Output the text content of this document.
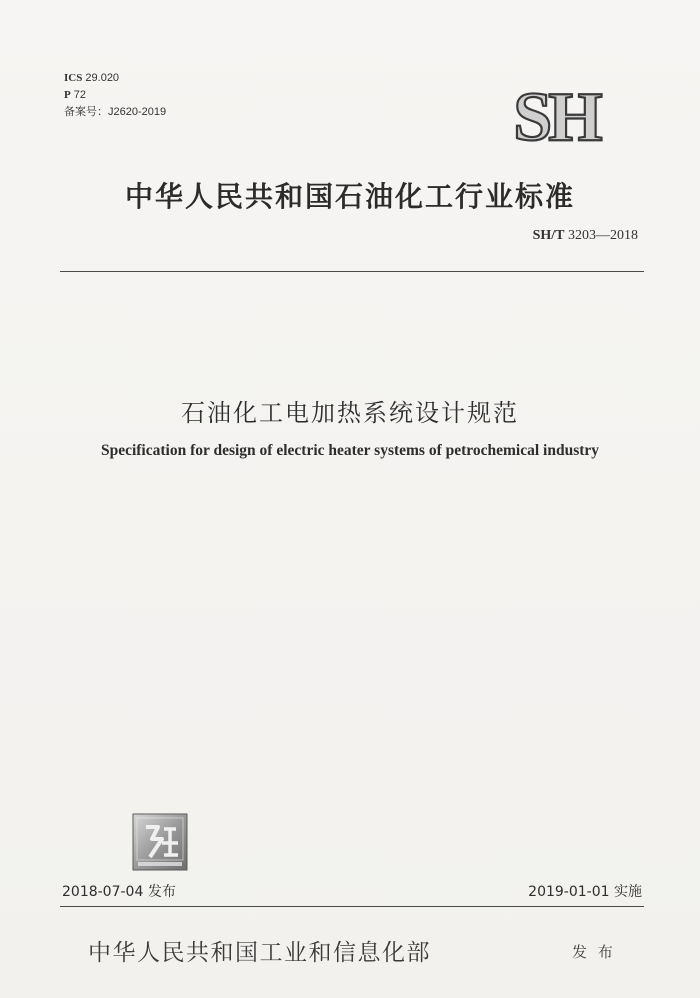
ICS 29.020
P 72
备案号：J2620-2019	SH
中华人民共和国石油化工行业标准
SH/T 3203—2018
石油化工电加热系统设计规范
Specification for design of electric heater systems of petrochemical industry
2018-07-04 发布	2019-01-01 实施
中华人民共和国工业和信息化部	发 布
